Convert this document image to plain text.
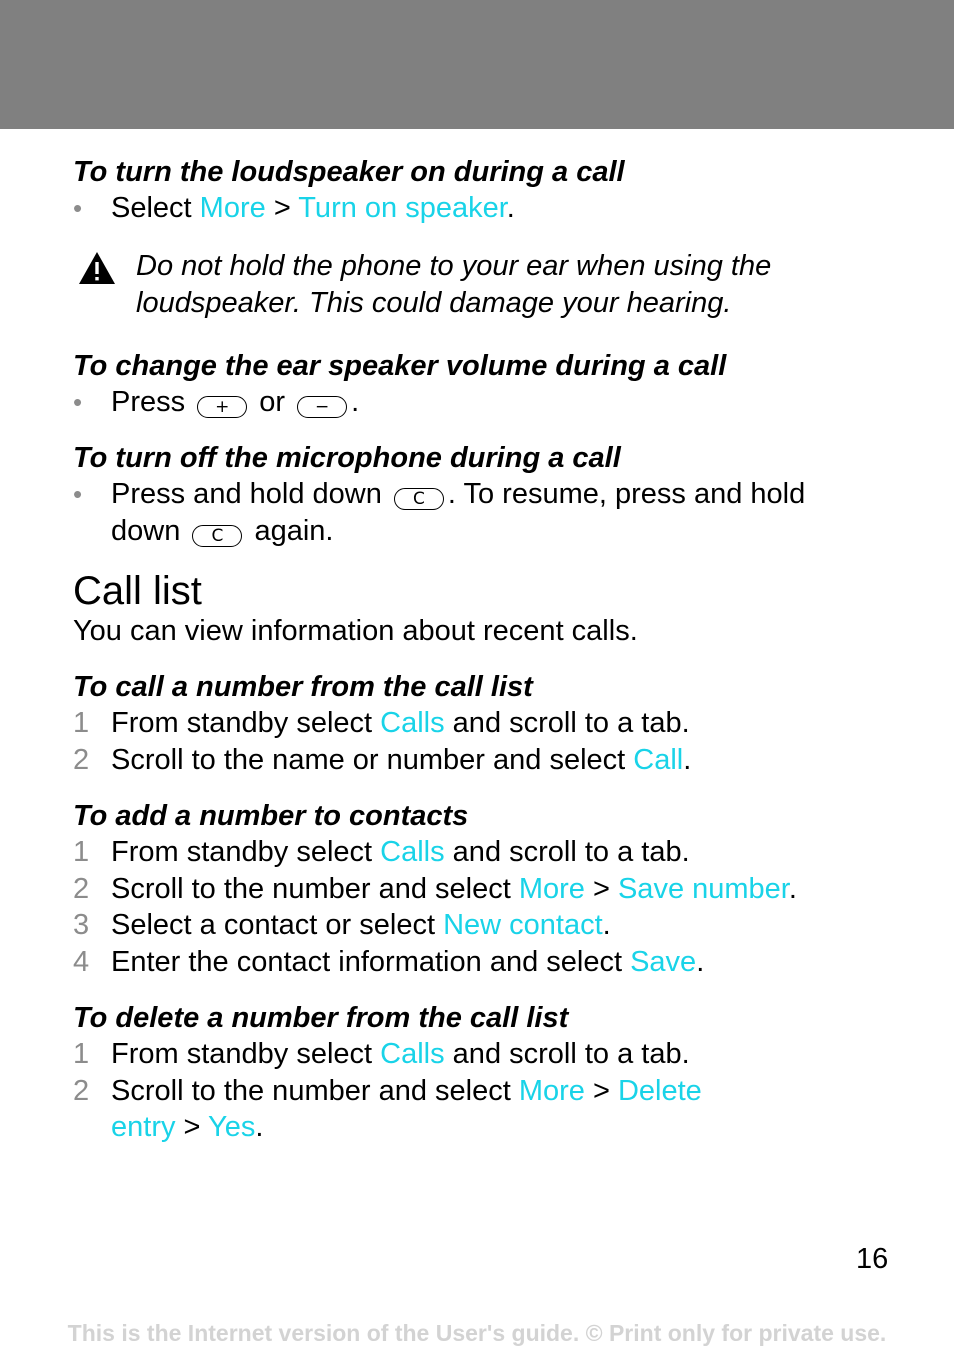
To turn the loudspeaker on during a call
• Select More > Turn on speaker.
Do not hold the phone to your ear when using the
loudspeaker. This could damage your hearing.
To change the ear speaker volume during a call
• Press + or − .
To turn off the microphone during a call
• Press and hold down C . To resume, press and hold
down C again.
Call list

You can view information about recent calls.

To call a number from the call list
1 From standby select Calls and scroll to a tab.
2 Scroll to the name or number and select Call.
To add a number to contacts
1 From standby select Calls and scroll to a tab.
2 Scroll to the number and select More > Save number.
3 Select a contact or select New contact.
4 Enter the contact information and select Save.
To delete a number from the call list
1 From standby select Calls and scroll to a tab.
2 Scroll to the number and select More > Delete
entry > Yes.
16
This is the Internet version of the User's guide. © Print only for private use.
